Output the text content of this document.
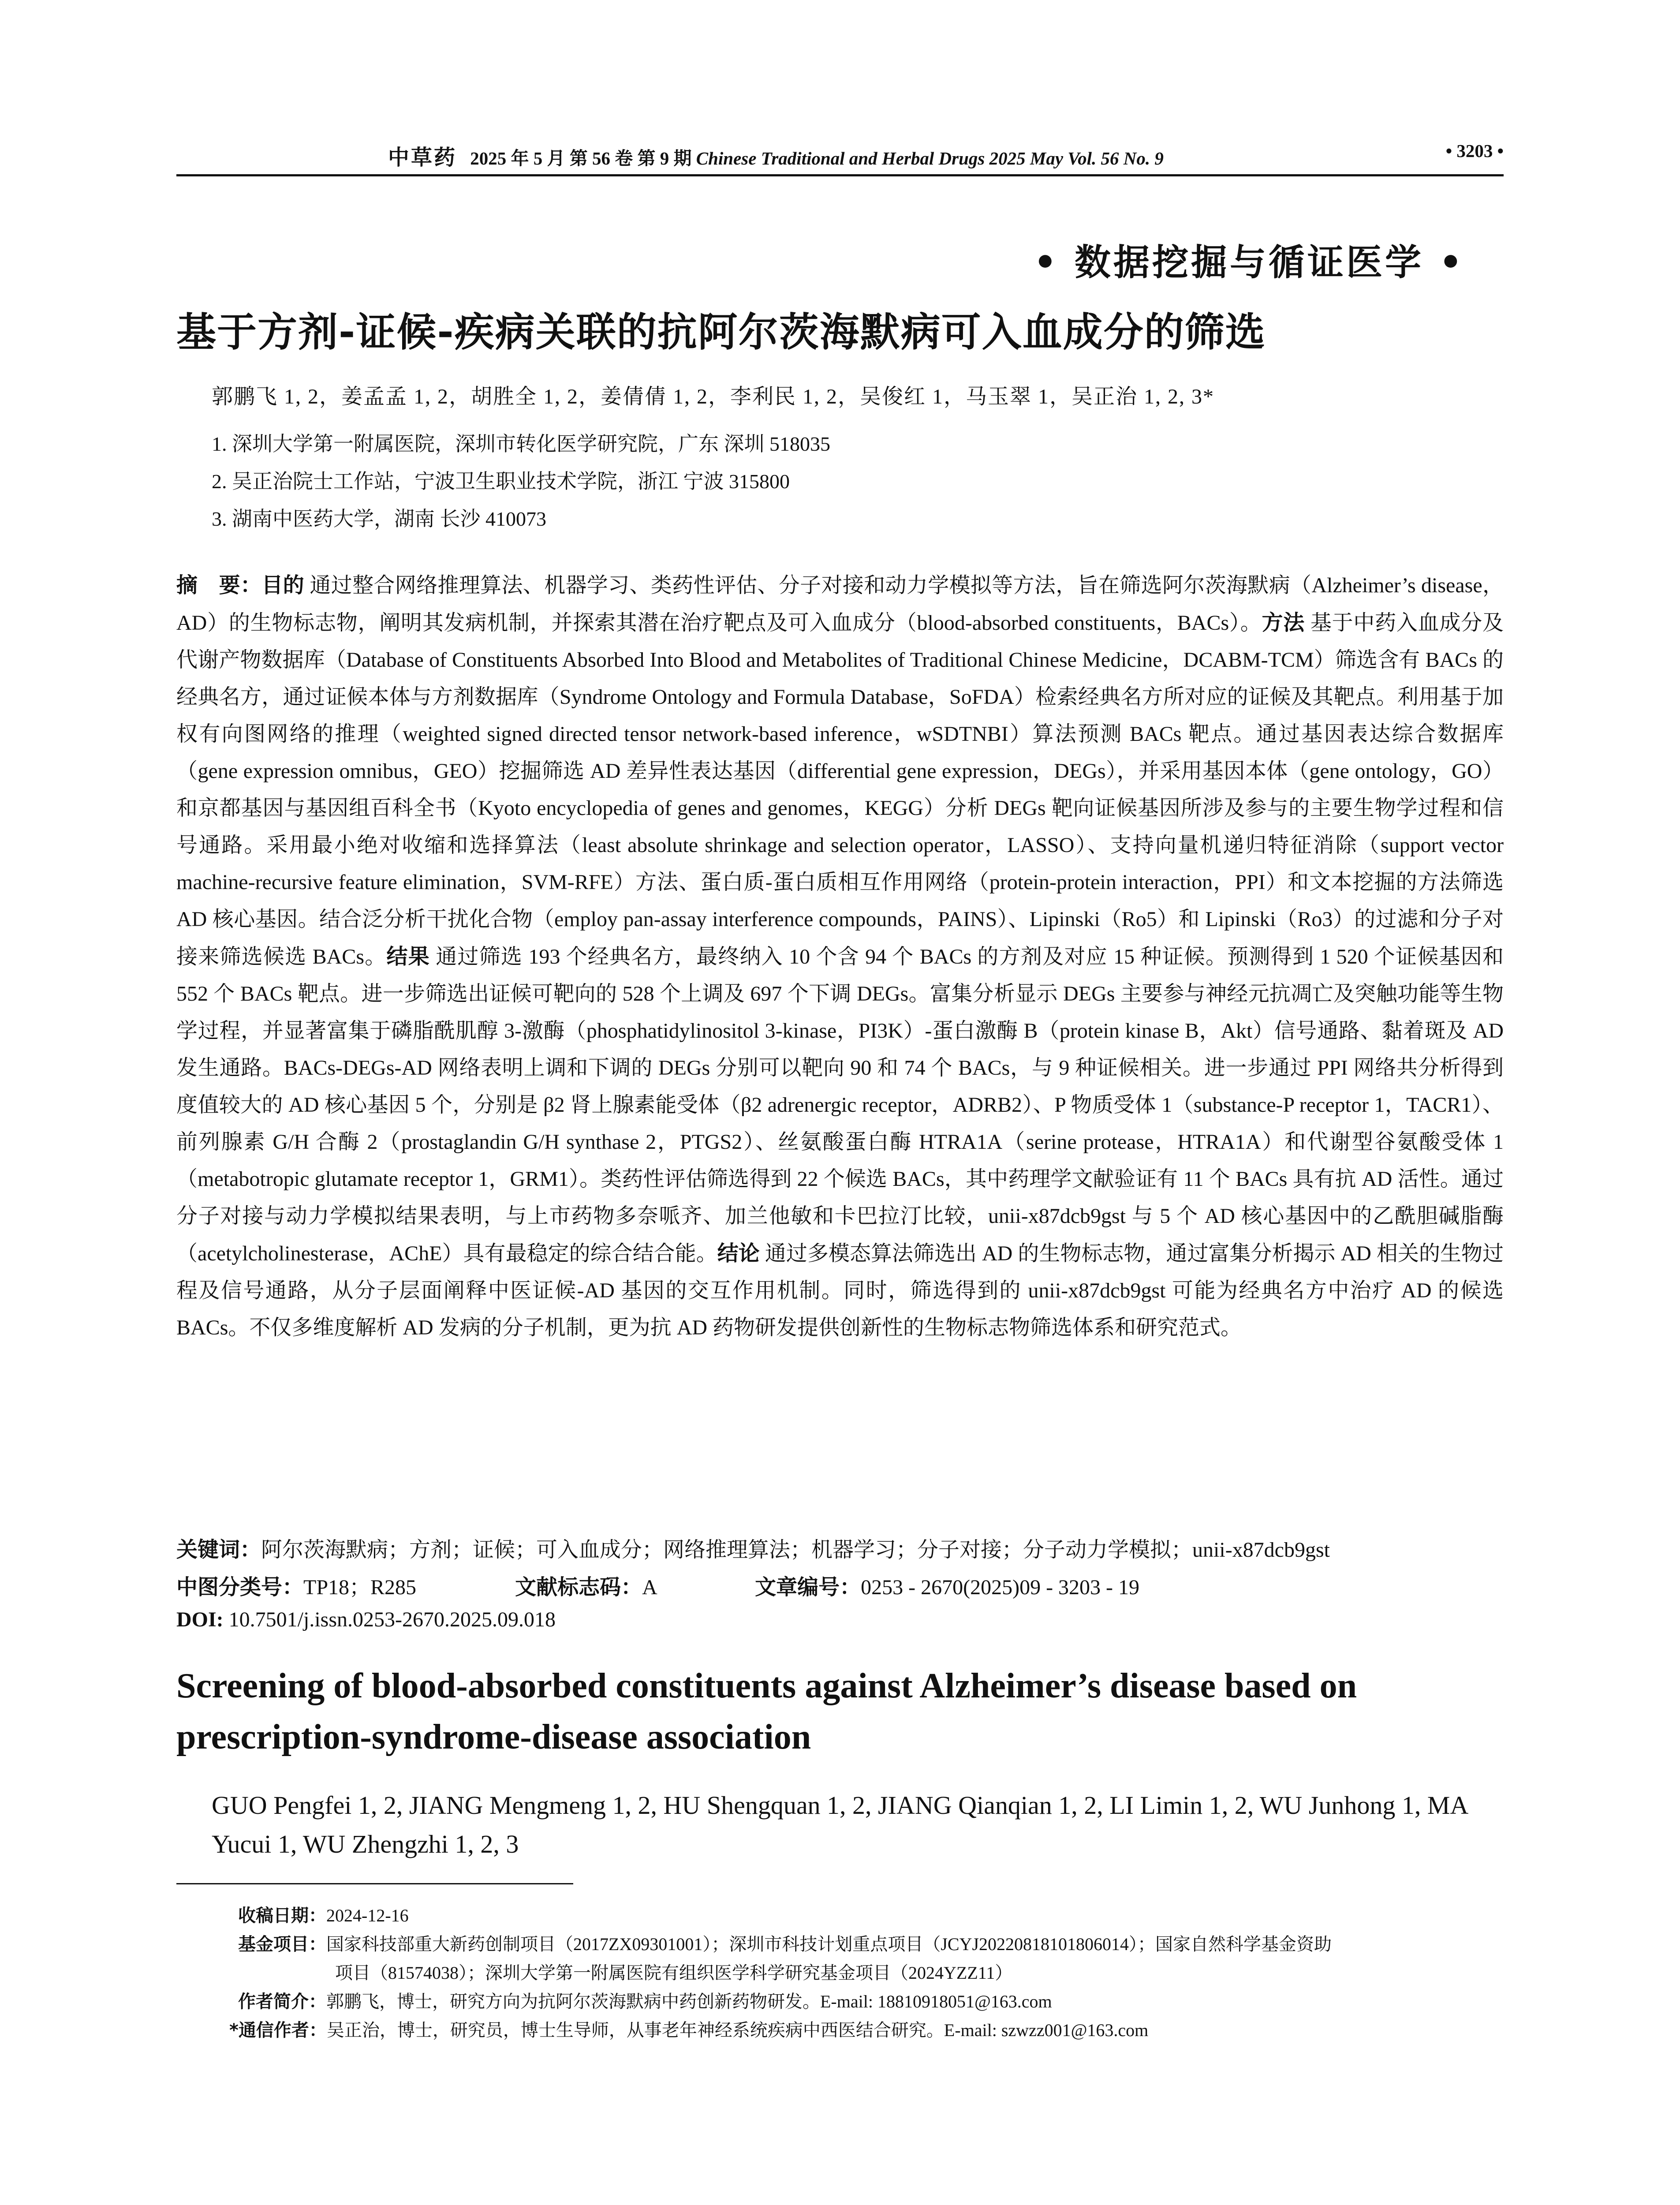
中草药 2025 年 5 月 第 56 卷 第 9 期 Chinese Traditional and Herbal Drugs 2025 May Vol. 56 No. 9	• 3203 •
• 数据挖掘与循证医学 •
基于方剂-证候-疾病关联的抗阿尔茨海默病可入血成分的筛选
郭鹏飞 1, 2，姜孟孟 1, 2，胡胜全 1, 2，姜倩倩 1, 2，李利民 1, 2，吴俊红 1，马玉翠 1，吴正治 1, 2, 3*
1. 深圳大学第一附属医院，深圳市转化医学研究院，广东 深圳 518035
2. 吴正治院士工作站，宁波卫生职业技术学院，浙江 宁波 315800
3. 湖南中医药大学，湖南 长沙 410073
摘　要：目的 通过整合网络推理算法、机器学习、类药性评估、分子对接和动力学模拟等方法，旨在筛选阿尔茨海默病（Alzheimer’s disease，AD）的生物标志物，阐明其发病机制，并探索其潜在治疗靶点及可入血成分（blood-absorbed constituents，BACs）。方法 基于中药入血成分及代谢产物数据库（Database of Constituents Absorbed Into Blood and Metabolites of Traditional Chinese Medicine，DCABM-TCM）筛选含有 BACs 的经典名方，通过证候本体与方剂数据库（Syndrome Ontology and Formula Database，SoFDA）检索经典名方所对应的证候及其靶点。利用基于加权有向图网络的推理（weighted signed directed tensor network-based inference，wSDTNBI）算法预测 BACs 靶点。通过基因表达综合数据库（gene expression omnibus，GEO）挖掘筛选 AD 差异性表达基因（differential gene expression，DEGs），并采用基因本体（gene ontology，GO）和京都基因与基因组百科全书（Kyoto encyclopedia of genes and genomes，KEGG）分析 DEGs 靶向证候基因所涉及参与的主要生物学过程和信号通路。采用最小绝对收缩和选择算法（least absolute shrinkage and selection operator，LASSO）、支持向量机递归特征消除（support vector machine-recursive feature elimination，SVM-RFE）方法、蛋白质-蛋白质相互作用网络（protein-protein interaction，PPI）和文本挖掘的方法筛选 AD 核心基因。结合泛分析干扰化合物（employ pan-assay interference compounds，PAINS）、Lipinski（Ro5）和 Lipinski（Ro3）的过滤和分子对接来筛选候选 BACs。结果 通过筛选 193 个经典名方，最终纳入 10 个含 94 个 BACs 的方剂及对应 15 种证候。预测得到 1 520 个证候基因和 552 个 BACs 靶点。进一步筛选出证候可靶向的 528 个上调及 697 个下调 DEGs。富集分析显示 DEGs 主要参与神经元抗凋亡及突触功能等生物学过程，并显著富集于磷脂酰肌醇 3-激酶（phosphatidylinositol 3-kinase，PI3K）-蛋白激酶 B（protein kinase B，Akt）信号通路、黏着斑及 AD 发生通路。BACs-DEGs-AD 网络表明上调和下调的 DEGs 分别可以靶向 90 和 74 个 BACs，与 9 种证候相关。进一步通过 PPI 网络共分析得到度值较大的 AD 核心基因 5 个，分别是 β2 肾上腺素能受体（β2 adrenergic receptor，ADRB2）、P 物质受体 1（substance-P receptor 1，TACR1）、前列腺素 G/H 合酶 2（prostaglandin G/H synthase 2，PTGS2）、丝氨酸蛋白酶 HTRA1A（serine protease，HTRA1A）和代谢型谷氨酸受体 1（metabotropic glutamate receptor 1，GRM1）。类药性评估筛选得到 22 个候选 BACs，其中药理学文献验证有 11 个 BACs 具有抗 AD 活性。通过分子对接与动力学模拟结果表明，与上市药物多奈哌齐、加兰他敏和卡巴拉汀比较，unii-x87dcb9gst 与 5 个 AD 核心基因中的乙酰胆碱脂酶（acetylcholinesterase，AChE）具有最稳定的综合结合能。结论 通过多模态算法筛选出 AD 的生物标志物，通过富集分析揭示 AD 相关的生物过程及信号通路，从分子层面阐释中医证候-AD 基因的交互作用机制。同时，筛选得到的 unii-x87dcb9gst 可能为经典名方中治疗 AD 的候选 BACs。不仅多维度解析 AD 发病的分子机制，更为抗 AD 药物研发提供创新性的生物标志物筛选体系和研究范式。
关键词：阿尔茨海默病；方剂；证候；可入血成分；网络推理算法；机器学习；分子对接；分子动力学模拟；unii-x87dcb9gst
中图分类号：TP18；R285	文献标志码：A	文章编号：0253 - 2670(2025)09 - 3203 - 19
DOI: 10.7501/j.issn.0253-2670.2025.09.018
Screening of blood-absorbed constituents against Alzheimer’s disease based on prescription-syndrome-disease association
GUO Pengfei 1, 2, JIANG Mengmeng 1, 2, HU Shengquan 1, 2, JIANG Qianqian 1, 2, LI Limin 1, 2, WU Junhong 1, MA Yucui 1, WU Zhengzhi 1, 2, 3
收稿日期：2024-12-16
基金项目：国家科技部重大新药创制项目（2017ZX09301001）；深圳市科技计划重点项目（JCYJ20220818101806014）；国家自然科学基金资助
项目（81574038）；深圳大学第一附属医院有组织医学科学研究基金项目（2024YZZ11）
作者简介：郭鹏飞，博士，研究方向为抗阿尔茨海默病中药创新药物研发。E-mail: 18810918051@163.com
*通信作者：吴正治，博士，研究员，博士生导师，从事老年神经系统疾病中西医结合研究。E-mail: szwzz001@163.com
